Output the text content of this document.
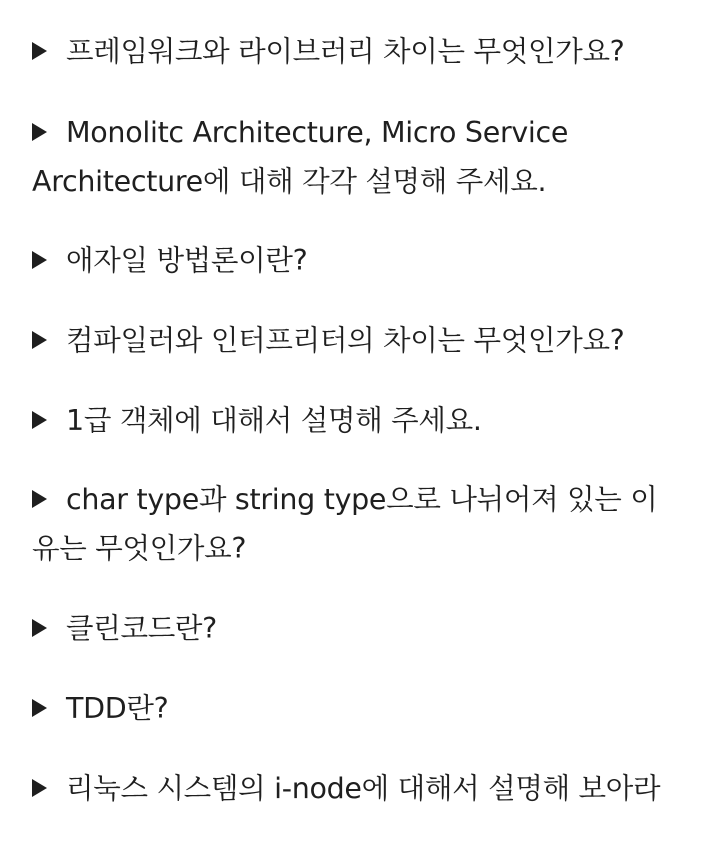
프레임워크와 라이브러리 차이는 무엇인가요?
Monolitc Architecture, Micro Service Architecture에 대해 각각 설명해 주세요.
애자일 방법론이란?
컴파일러와 인터프리터의 차이는 무엇인가요?
1급 객체에 대해서 설명해 주세요.
char type과 string type으로 나뉘어져 있는 이유는 무엇인가요?
클린코드란?
TDD란?
리눅스 시스템의 i-node에 대해서 설명해 보아라
